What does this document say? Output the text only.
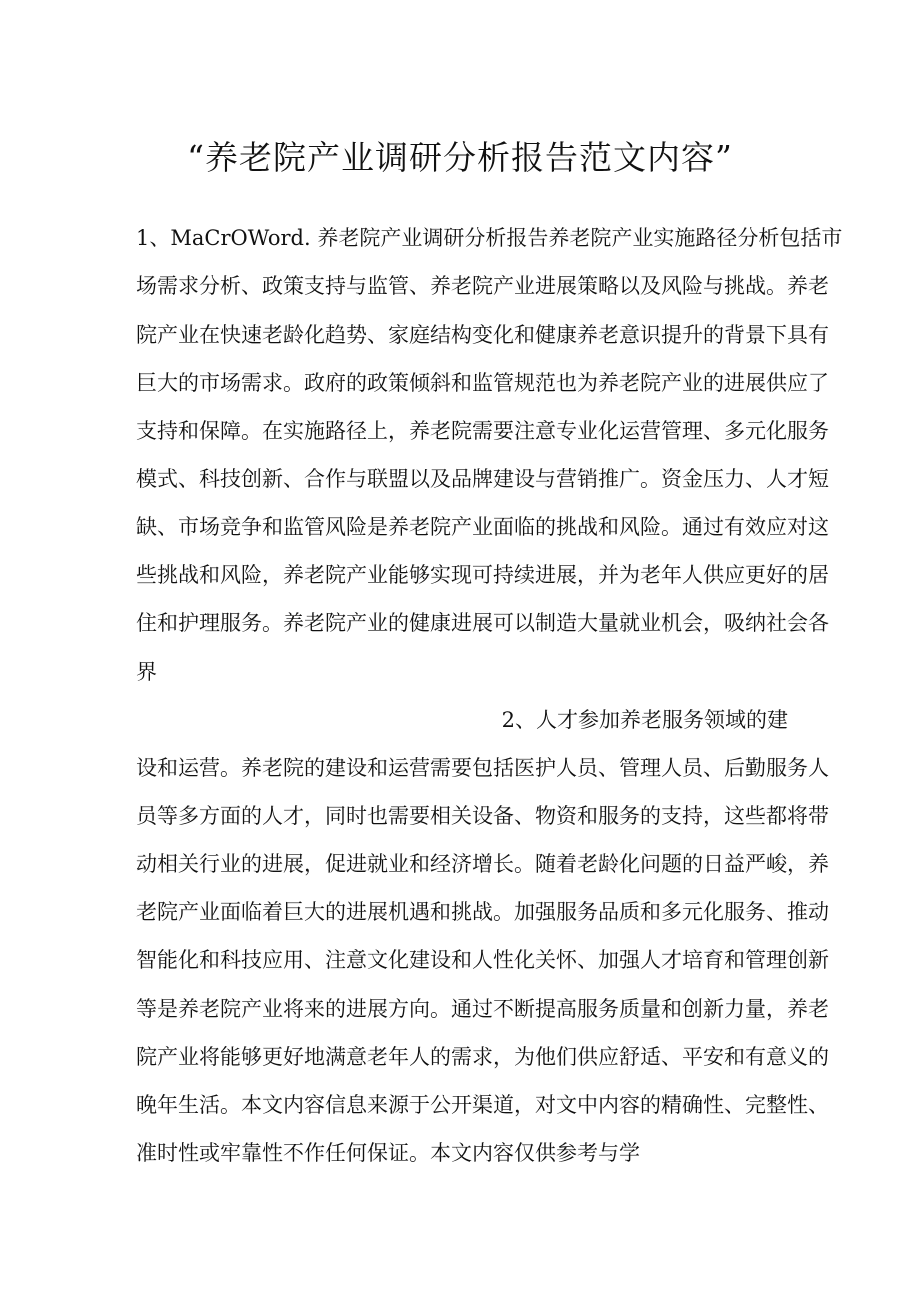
“养老院产业调研分析报告范文内容”
1、MaCrOWord. 养老院产业调研分析报告养老院产业实施路径分析包括市
场需求分析、政策支持与监管、养老院产业进展策略以及风险与挑战。养老
院产业在快速老龄化趋势、家庭结构变化和健康养老意识提升的背景下具有
巨大的市场需求。政府的政策倾斜和监管规范也为养老院产业的进展供应了
支持和保障。在实施路径上，养老院需要注意专业化运营管理、多元化服务
模式、科技创新、合作与联盟以及品牌建设与营销推广。资金压力、人才短
缺、市场竞争和监管风险是养老院产业面临的挑战和风险。通过有效应对这
些挑战和风险，养老院产业能够实现可持续进展，并为老年人供应更好的居
住和护理服务。养老院产业的健康进展可以制造大量就业机会，吸纳社会各
界
2、人才参加养老服务领域的建
设和运营。养老院的建设和运营需要包括医护人员、管理人员、后勤服务人
员等多方面的人才，同时也需要相关设备、物资和服务的支持，这些都将带
动相关行业的进展，促进就业和经济增长。随着老龄化问题的日益严峻，养
老院产业面临着巨大的进展机遇和挑战。加强服务品质和多元化服务、推动
智能化和科技应用、注意文化建设和人性化关怀、加强人才培育和管理创新
等是养老院产业将来的进展方向。通过不断提高服务质量和创新力量，养老
院产业将能够更好地满意老年人的需求，为他们供应舒适、平安和有意义的
晚年生活。本文内容信息来源于公开渠道，对文中内容的精确性、完整性、
准时性或牢靠性不作任何保证。本文内容仅供参考与学
